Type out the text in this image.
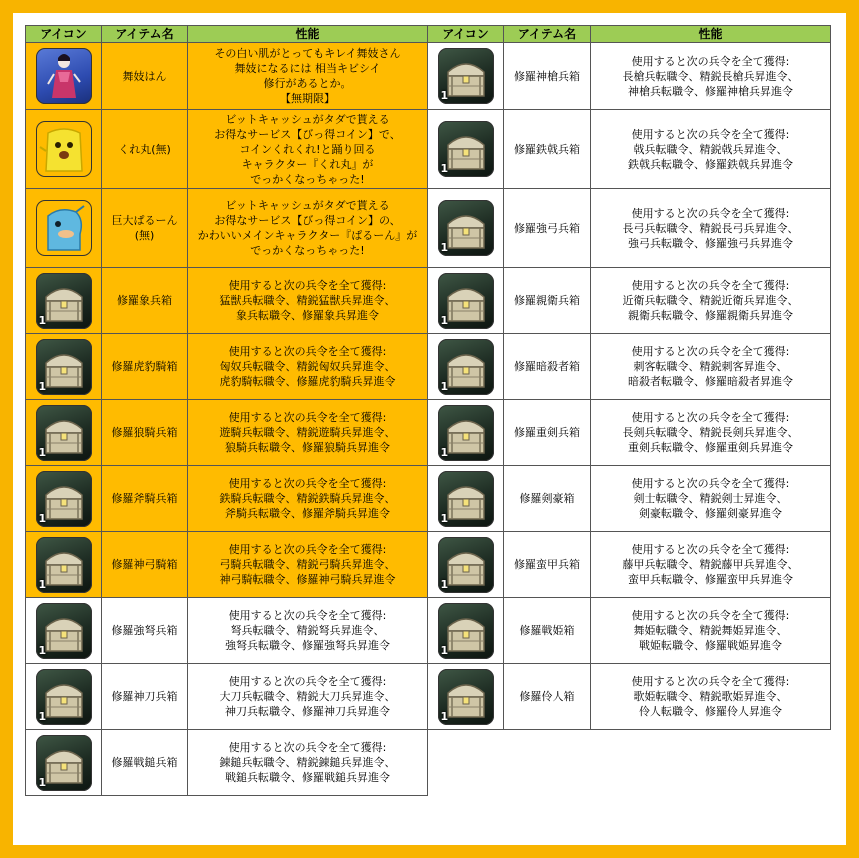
アイコン	アイテム名	性能	アイコン	アイテム名	性能

	舞妓はん	その白い肌がとってもキレイ舞妓さん
舞妓になるには 相当キビシイ
修行があるとか。
【無期限】	1	修羅神槍兵箱	使用すると次の兵令を全て獲得:
長槍兵転職令、精鋭長槍兵昇進令、
神槍兵転職令、修羅神槍兵昇進令

	くれ丸(無)	ビットキャッシュがタダで貰える
お得なサービス【びっ得コイン】で、
コインくれくれ!と踊り回る
キャラクター『くれ丸』が
でっかくなっちゃった!	1	修羅鉄戟兵箱	使用すると次の兵令を全て獲得:
戟兵転職令、精鋭戟兵昇進令、
鉄戟兵転職令、修羅鉄戟兵昇進令

	巨大ぱるーん
(無)	ビットキャッシュがタダで貰える
お得なサービス【びっ得コイン】の、
かわいいメインキャラクター『ぱるーん』が
でっかくなっちゃった!	1	修羅強弓兵箱	使用すると次の兵令を全て獲得:
長弓兵転職令、精鋭長弓兵昇進令、
強弓兵転職令、修羅強弓兵昇進令

1	修羅象兵箱	使用すると次の兵令を全て獲得:
猛獣兵転職令、精鋭猛獣兵昇進令、
象兵転職令、修羅象兵昇進令	1	修羅親衛兵箱	使用すると次の兵令を全て獲得:
近衛兵転職令、精鋭近衛兵昇進令、
親衛兵転職令、修羅親衛兵昇進令

1	修羅虎豹騎箱	使用すると次の兵令を全て獲得:
匈奴兵転職令、精鋭匈奴兵昇進令、
虎豹騎転職令、修羅虎豹騎兵昇進令	1	修羅暗殺者箱	使用すると次の兵令を全て獲得:
刺客転職令、精鋭刺客昇進令、
暗殺者転職令、修羅暗殺者昇進令

1	修羅狼騎兵箱	使用すると次の兵令を全て獲得:
遊騎兵転職令、精鋭遊騎兵昇進令、
狼騎兵転職令、修羅狼騎兵昇進令	1	修羅重剣兵箱	使用すると次の兵令を全て獲得:
長剣兵転職令、精鋭長剣兵昇進令、
重剣兵転職令、修羅重剣兵昇進令

1	修羅斧騎兵箱	使用すると次の兵令を全て獲得:
鉄騎兵転職令、精鋭鉄騎兵昇進令、
斧騎兵転職令、修羅斧騎兵昇進令	1	修羅剣豪箱	使用すると次の兵令を全て獲得:
剣士転職令、精鋭剣士昇進令、
剣豪転職令、修羅剣豪昇進令

1	修羅神弓騎箱	使用すると次の兵令を全て獲得:
弓騎兵転職令、精鋭弓騎兵昇進令、
神弓騎転職令、修羅神弓騎兵昇進令	1	修羅蛮甲兵箱	使用すると次の兵令を全て獲得:
藤甲兵転職令、精鋭藤甲兵昇進令、
蛮甲兵転職令、修羅蛮甲兵昇進令

1	修羅強弩兵箱	使用すると次の兵令を全て獲得:
弩兵転職令、精鋭弩兵昇進令、
強弩兵転職令、修羅強弩兵昇進令	1	修羅戦姫箱	使用すると次の兵令を全て獲得:
舞姫転職令、精鋭舞姫昇進令、
戦姫転職令、修羅戦姫昇進令

1	修羅神刀兵箱	使用すると次の兵令を全て獲得:
大刀兵転職令、精鋭大刀兵昇進令、
神刀兵転職令、修羅神刀兵昇進令	1	修羅伶人箱	使用すると次の兵令を全て獲得:
歌姫転職令、精鋭歌姫昇進令、
伶人転職令、修羅伶人昇進令

1	修羅戦鎚兵箱	使用すると次の兵令を全て獲得:
錬鎚兵転職令、精鋭錬鎚兵昇進令、
戦鎚兵転職令、修羅戦鎚兵昇進令			
